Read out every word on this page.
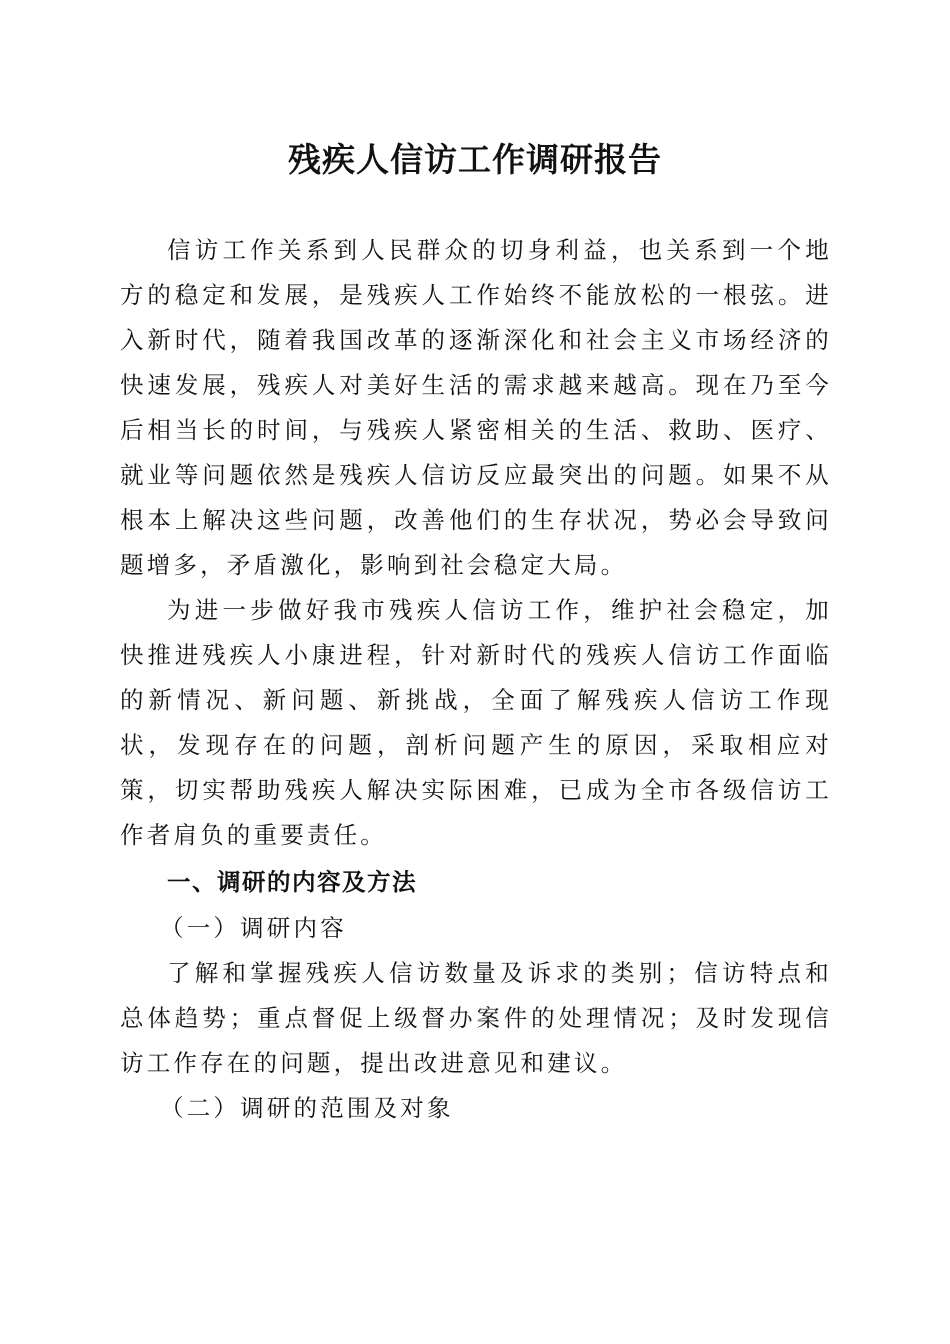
残疾人信访工作调研报告

信访工作关系到人民群众的切身利益，也关系到一个地方的稳定和发展，是残疾人工作始终不能放松的一根弦。进入新时代，随着我国改革的逐渐深化和社会主义市场经济的快速发展，残疾人对美好生活的需求越来越高。现在乃至今后相当长的时间，与残疾人紧密相关的生活、救助、医疗、就业等问题依然是残疾人信访反应最突出的问题。如果不从根本上解决这些问题，改善他们的生存状况，势必会导致问题增多，矛盾激化，影响到社会稳定大局。

为进一步做好我市残疾人信访工作，维护社会稳定，加快推进残疾人小康进程，针对新时代的残疾人信访工作面临的新情况、新问题、新挑战，全面了解残疾人信访工作现状，发现存在的问题，剖析问题产生的原因，采取相应对策，切实帮助残疾人解决实际困难，已成为全市各级信访工作者肩负的重要责任。

一、调研的内容及方法

（一）调研内容

了解和掌握残疾人信访数量及诉求的类别；信访特点和总体趋势；重点督促上级督办案件的处理情况；及时发现信访工作存在的问题，提出改进意见和建议。

（二）调研的范围及对象
